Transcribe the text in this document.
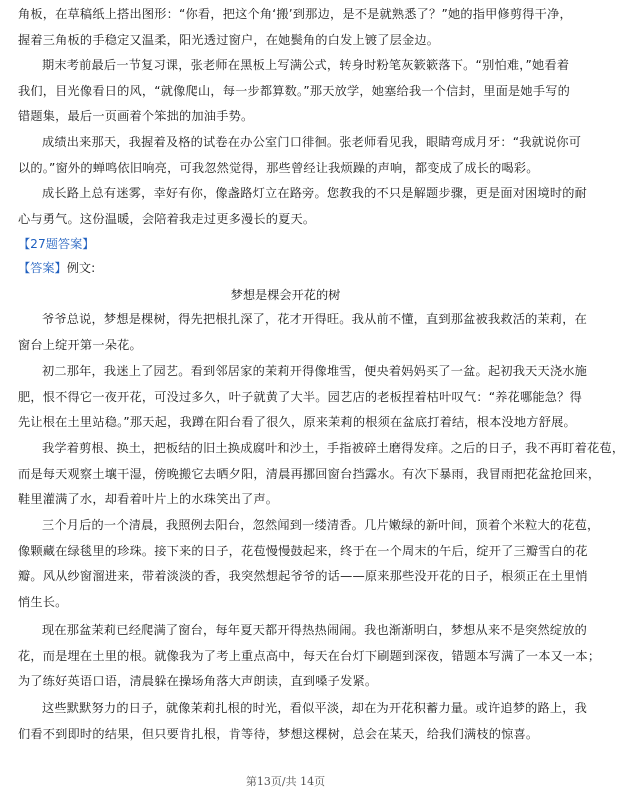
角板，在草稿纸上搭出图形：“你看，把这个角‘搬’到那边，是不是就熟悉了？”她的指甲修剪得干净，
握着三角板的手稳定又温柔，阳光透过窗户，在她鬓角的白发上镀了层金边。
期末考前最后一节复习课，张老师在黑板上写满公式，转身时粉笔灰簌簌落下。“别怕难，”她看着
我们，目光像看日的风，“就像爬山，每一步都算数。”那天放学，她塞给我一个信封，里面是她手写的
错题集，最后一页画着个笨拙的加油手势。
成绩出来那天，我握着及格的试卷在办公室门口徘徊。张老师看见我，眼睛弯成月牙：“我就说你可
以的。”窗外的蝉鸣依旧响亮，可我忽然觉得，那些曾经让我烦躁的声响，都变成了成长的喝彩。
成长路上总有迷雾，幸好有你，像盏路灯立在路旁。您教我的不只是解题步骤，更是面对困境时的耐
心与勇气。这份温暖，会陪着我走过更多漫长的夏天。
【27题答案】
【答案】例文:
梦想是棵会开花的树
爷爷总说，梦想是棵树，得先把根扎深了，花才开得旺。我从前不懂，直到那盆被我救活的茉莉，在
窗台上绽开第一朵花。
初二那年，我迷上了园艺。看到邻居家的茉莉开得像堆雪，便央着妈妈买了一盆。起初我天天浇水施
肥，恨不得它一夜开花，可没过多久，叶子就黄了大半。园艺店的老板捏着枯叶叹气：“养花哪能急？得
先让根在土里站稳。”那天起，我蹲在阳台看了很久，原来茉莉的根须在盆底打着结，根本没地方舒展。
我学着剪根、换土，把板结的旧土换成腐叶和沙土，手指被碎土磨得发痒。之后的日子，我不再盯着花苞，
而是每天观察土壤干湿，傍晚搬它去晒夕阳，清晨再挪回窗台挡露水。有次下暴雨，我冒雨把花盆抢回来，
鞋里灌满了水，却看着叶片上的水珠笑出了声。
三个月后的一个清晨，我照例去阳台，忽然闻到一缕清香。几片嫩绿的新叶间，顶着个米粒大的花苞，
像颗藏在绿毯里的珍珠。接下来的日子，花苞慢慢鼓起来，终于在一个周末的午后，绽开了三瓣雪白的花
瓣。风从纱窗溜进来，带着淡淡的香，我突然想起爷爷的话——原来那些没开花的日子，根须正在土里悄
悄生长。
现在那盆茉莉已经爬满了窗台，每年夏天都开得热热闹闹。我也渐渐明白，梦想从来不是突然绽放的
花，而是埋在土里的根。就像我为了考上重点高中，每天在台灯下刷题到深夜，错题本写满了一本又一本；
为了练好英语口语，清晨躲在操场角落大声朗读，直到嗓子发紧。
这些默默努力的日子，就像茉莉扎根的时光，看似平淡，却在为开花积蓄力量。或许追梦的路上，我
们看不到即时的结果，但只要肯扎根，肯等待，梦想这棵树，总会在某天，给我们满枝的惊喜。
第13页/共 14页
